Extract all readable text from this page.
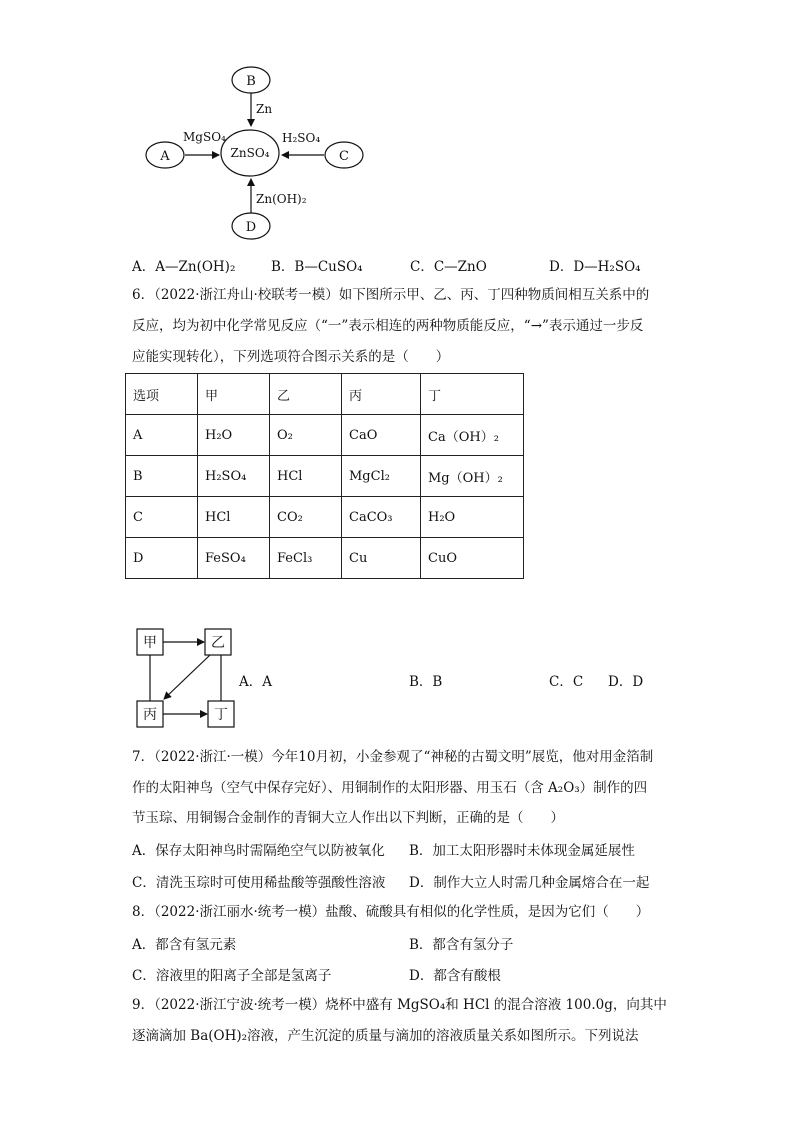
B
Zn
A
MgSO₄
ZnSO₄	C
H₂SO₄
D
Zn(OH)₂
A．A—Zn(OH)₂	B．B—CuSO₄	C．C—ZnO	D．D—H₂SO₄
6．（2022·浙江舟山·校联考一模）如下图所示甲、乙、丙、丁四种物质间相互关系中的
反应，均为初中化学常见反应（“一”表示相连的两种物质能反应，“→”表示通过一步反
应能实现转化），下列选项符合图示关系的是（　　）
选项	甲	乙	丙	丁
A	H₂O	O₂	CaO	Ca（OH）₂
B	H₂SO₄	HCl	MgCl₂	Mg（OH）₂
C	HCl	CO₂	CaCO₃	H₂O
D	FeSO₄	FeCl₃	Cu	CuO
甲	乙
丙	丁
A．A	B．B	C．C D．D
7．（2022·浙江·一模）今年10月初，小金参观了“神秘的古蜀文明”展览，他对用金箔制
作的太阳神鸟（空气中保存完好）、用铜制作的太阳形器、用玉石（含 A₂O₃）制作的四
节玉琮、用铜锡合金制作的青铜大立人作出以下判断，正确的是（　　）
A．保存太阳神鸟时需隔绝空气以防被氧化 B．加工太阳形器时未体现金属延展性
C．清洗玉琮时可使用稀盐酸等强酸性溶液 D．制作大立人时需几种金属熔合在一起
8．（2022·浙江丽水·统考一模）盐酸、硫酸具有相似的化学性质，是因为它们（　　）
A．都含有氢元素	B．都含有氢分子
C．溶液里的阳离子全部是氢离子	D．都含有酸根
9．（2022·浙江宁波·统考一模）烧杯中盛有 MgSO₄和 HCl 的混合溶液 100.0g，向其中
逐滴滴加 Ba(OH)₂溶液，产生沉淀的质量与滴加的溶液质量关系如图所示。下列说法
